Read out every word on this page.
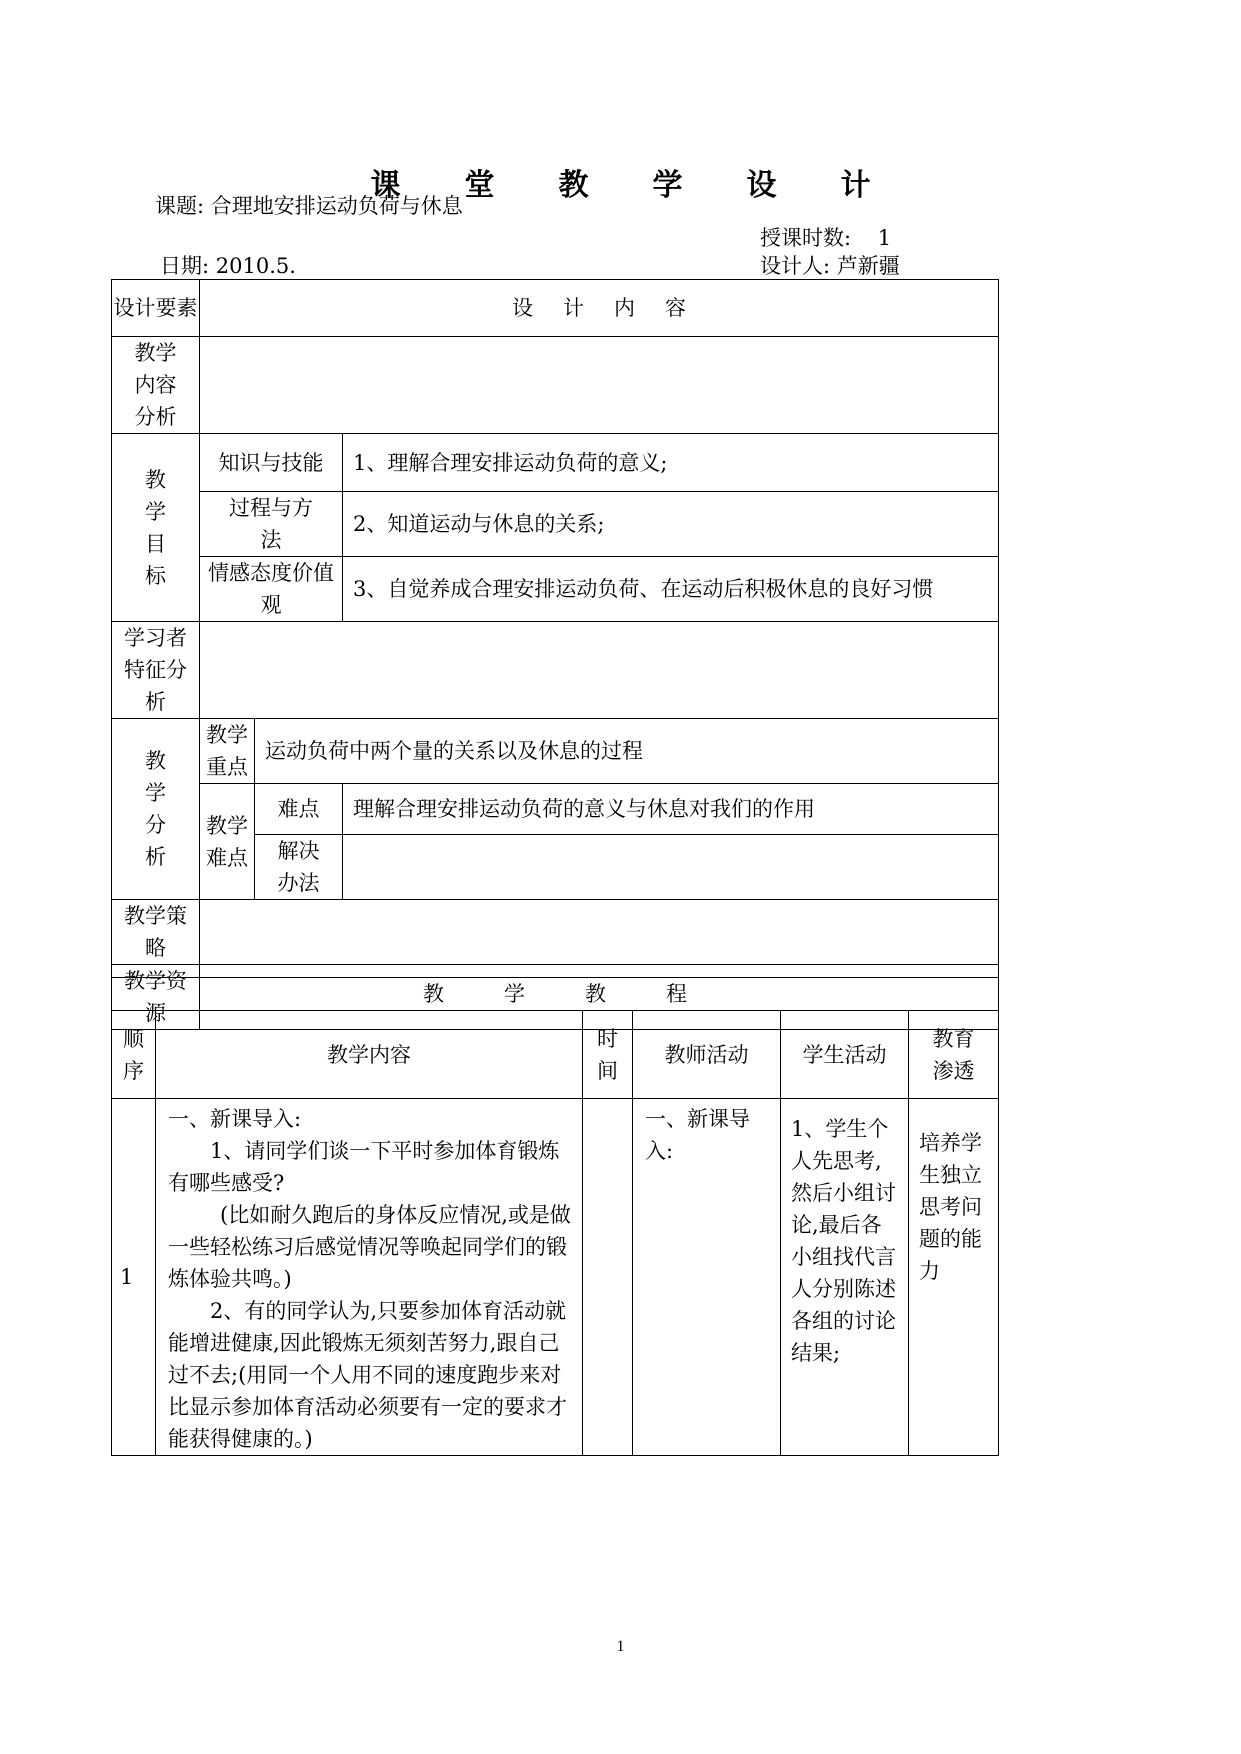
课堂教学设计
课题: 合理地安排运动负荷与休息
授课时数: 1
日期: 2010.5.	设计人: 芦新疆
设计要素	设计内容		
教学内容分析			
教学目标	知识与技能		1、理解合理安排运动负荷的意义;
	过程与方法		2、知道运动与休息的关系;
	情感态度价值观		3、自觉养成合理安排运动负荷、在运动后积极休息的良好习惯
学习者特征分析			
教学分析	教学重点	运动负荷中两个量的关系以及休息的过程	
	教学难点	难点	理解合理安排运动负荷的意义与休息对我们的作用
		解决办法	
教学策略			
教学资源			
教学教程					
顺序	教学内容	时间	教师活动	学生活动	教育渗透
1	一、新课导入:
1、请同学们谈一下平时参加体育锻炼有哪些感受?
(比如耐久跑后的身体反应情况,或是做一些轻松练习后感觉情况等唤起同学们的锻炼体验共鸣。)
2、有的同学认为,只要参加体育活动就能增进健康,因此锻炼无须刻苦努力,跟自己过不去;(用同一个人用不同的速度跑步来对比显示参加体育活动必须要有一定的要求才能获得健康的。)		一、新课导入:	1、学生个人先思考,然后小组讨论,最后各小组找代言人分别陈述各组的讨论结果;	培养学生独立思考问题的能力
1
